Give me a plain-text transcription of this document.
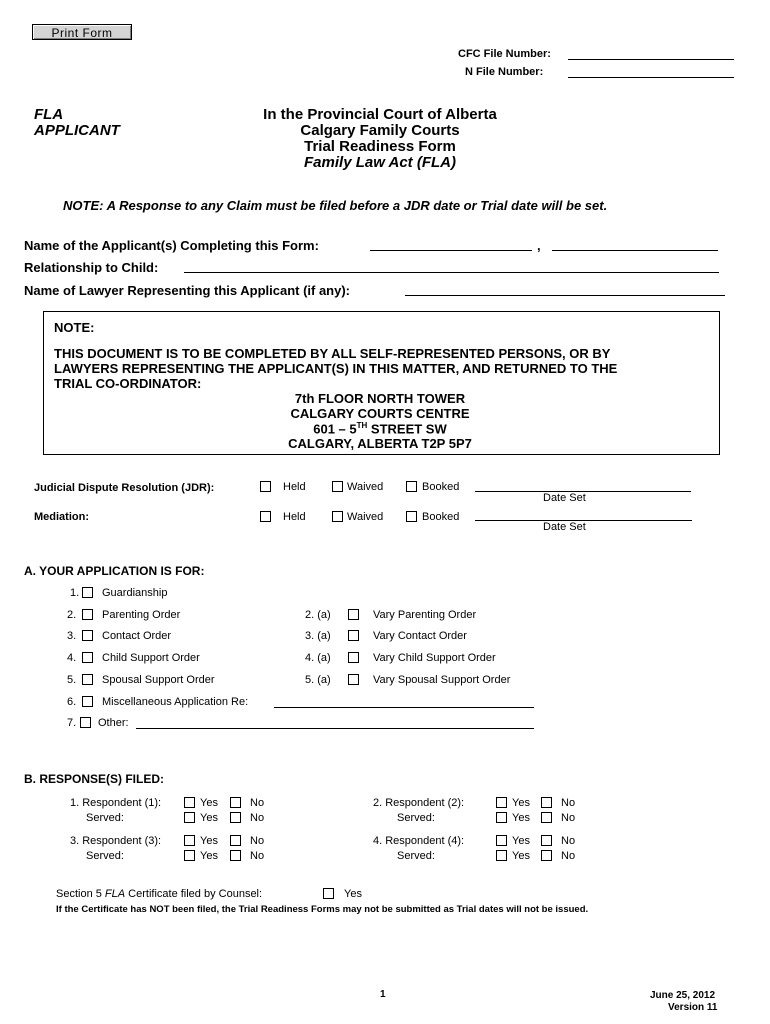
Print Form
CFC File Number:
N File Number:
FLA
APPLICANT
In the Provincial Court of Alberta
Calgary Family Courts
Trial Readiness Form
Family Law Act (FLA)
NOTE: A Response to any Claim must be filed before a JDR date or Trial date will be set.
Name of the Applicant(s) Completing this Form:	,
Relationship to Child:
Name of Lawyer Representing this Applicant (if any):
NOTE:
THIS DOCUMENT IS TO BE COMPLETED BY ALL SELF-REPRESENTED PERSONS, OR BY
LAWYERS REPRESENTING THE APPLICANT(S) IN THIS MATTER, AND RETURNED TO THE
TRIAL CO-ORDINATOR:
7th FLOOR NORTH TOWER
CALGARY COURTS CENTRE
601 – 5TH STREET SW
CALGARY, ALBERTA T2P 5P7
Judicial Dispute Resolution (JDR):	Held	Waived	Booked
Date Set
Mediation:	Held	Waived	Booked
Date Set
A. YOUR APPLICATION IS FOR:
1. Guardianship
2. Parenting Order	2. (a)	Vary Parenting Order
3. Contact Order	3. (a)	Vary Contact Order
4. Child Support Order	4. (a)	Vary Child Support Order
5. Spousal Support Order	5. (a)	Vary Spousal Support Order
6. Miscellaneous Application Re:
7. Other:
B. RESPONSE(S) FILED:
1. Respondent (1):	Yes	No
Served:	Yes	No
2. Respondent (2):	Yes	No
Served:	Yes	No
3. Respondent (3):	Yes	No
Served:	Yes	No
4. Respondent (4):	Yes	No
Served:	Yes	No
Section 5 FLA Certificate filed by Counsel:	Yes
If the Certificate has NOT been filed, the Trial Readiness Forms may not be submitted as Trial dates will not be issued.
1	June 25, 2012
Version 11
